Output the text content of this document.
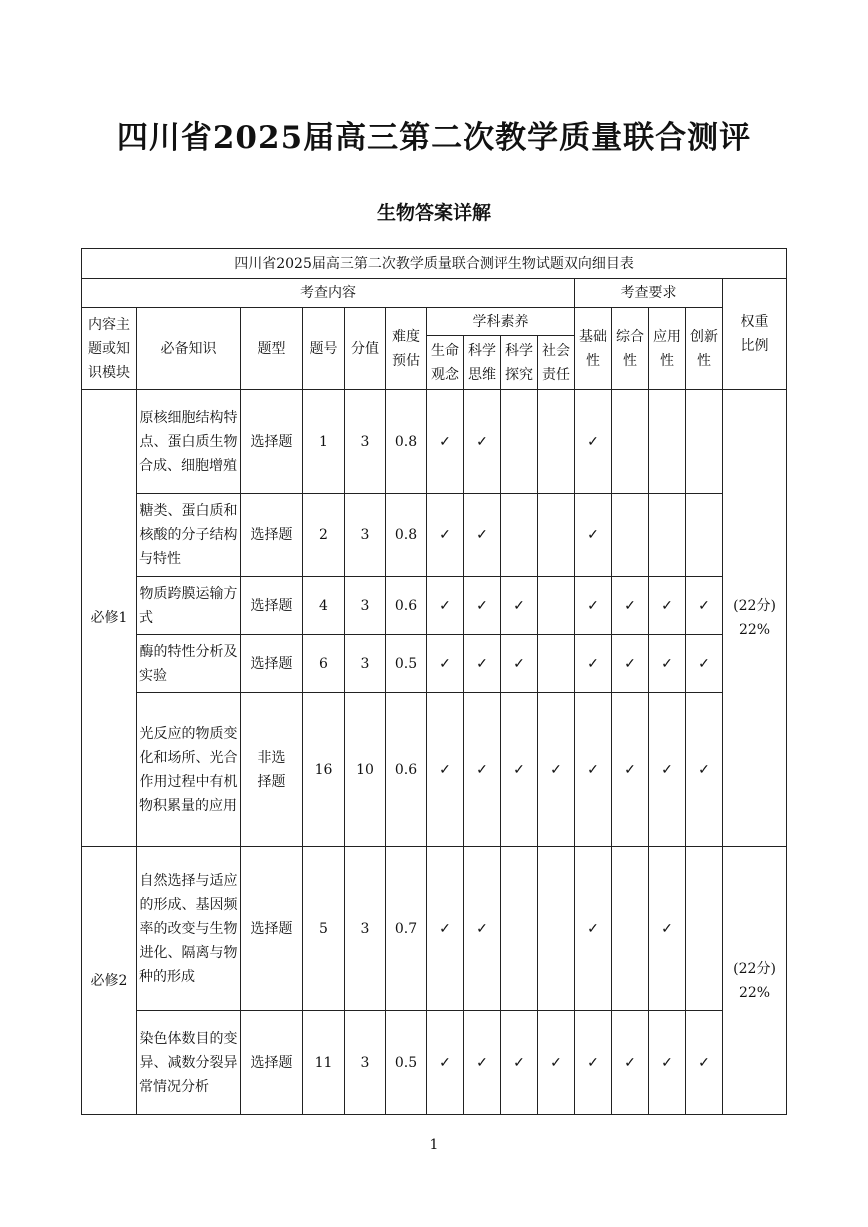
四川省2025届高三第二次教学质量联合测评
生物答案详解
四川省2025届高三第二次教学质量联合测评生物试题双向细目表														
考查内容										考查要求				权重比例

内容主题或知识模块	必备知识	题型	题号	分值	难度预估	学科素养				基础性	综合性	应用性	创新性	

						生命观念	科学思维	科学探究	社会责任					

必修1	原核细胞结构特点、蛋白质生物合成、细胞增殖	选择题	1	3	0.8	✓	✓			✓				(22分)
22%

	糖类、蛋白质和核酸的分子结构与特性	选择题	2	3	0.8	✓	✓			✓				
	物质跨膜运输方式	选择题	4	3	0.6	✓	✓	✓		✓	✓	✓	✓	
	酶的特性分析及实验	选择题	6	3	0.5	✓	✓	✓		✓	✓	✓	✓	
	光反应的物质变化和场所、光合作用过程中有机物积累量的应用	非选择题	16	10	0.6	✓	✓	✓	✓	✓	✓	✓	✓	
必修2	自然选择与适应的形成、基因频率的改变与生物进化、隔离与物种的形成	选择题	5	3	0.7	✓	✓			✓		✓		(22分)
22%

	染色体数目的变异、减数分裂异常情况分析	选择题	11	3	0.5	✓	✓	✓	✓	✓	✓	✓	✓	
1
